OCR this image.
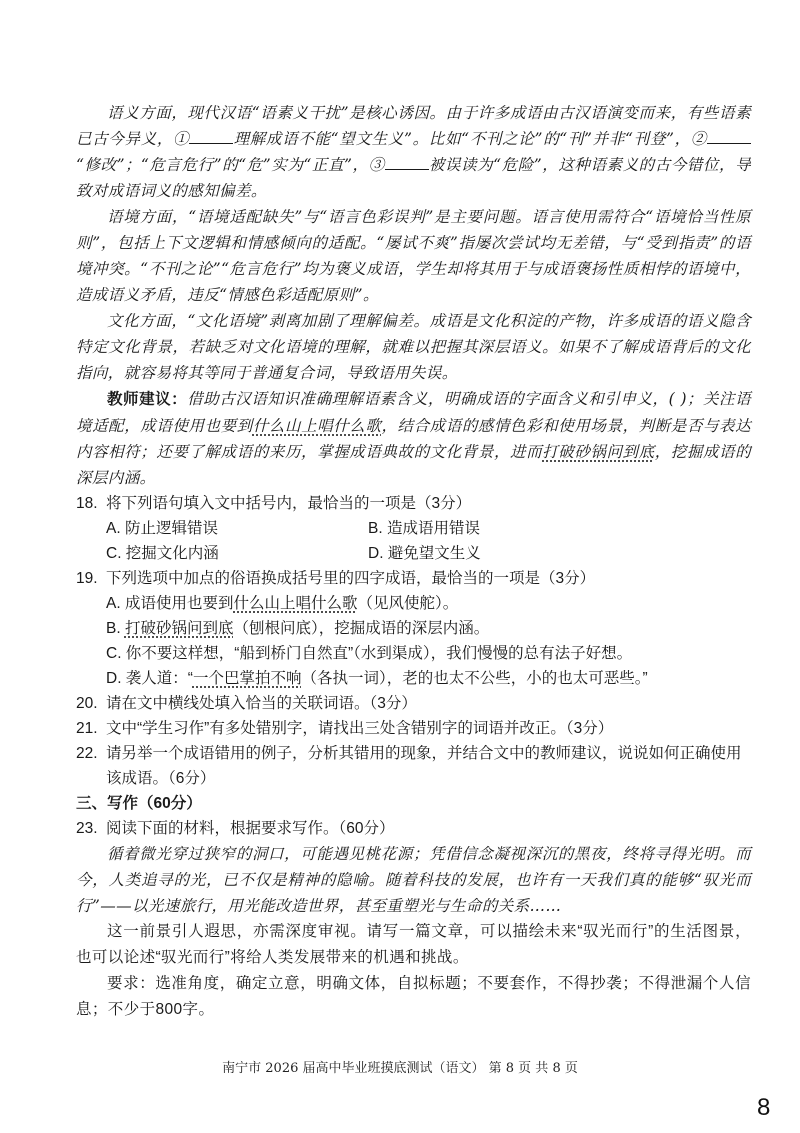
语义方面，现代汉语“语素义干扰”是核心诱因。由于许多成语由古汉语演变而来，有些语素已古今异义，①	理解成语不能“望文生义”。比如“不刊之论”的“刊”并非“刊登”，②“修改”；“危言危行”的“危”实为“正直”，③	被误读为“危险”，这种语素义的古今错位，导致对成语词义的感知偏差。

语境方面，“语境适配缺失”与“语言色彩误判”是主要问题。语言使用需符合“语境恰当性原则”，包括上下文逻辑和情感倾向的适配。“屡试不爽”指屡次尝试均无差错，与“受到指责”的语境冲突。“不刊之论”“危言危行”均为褒义成语，学生却将其用于与成语褒扬性质相悖的语境中，造成语义矛盾，违反“情感色彩适配原则”。

文化方面，“文化语境”剥离加剧了理解偏差。成语是文化积淀的产物，许多成语的语义隐含特定文化背景，若缺乏对文化语境的理解，就难以把握其深层语义。如果不了解成语背后的文化指向，就容易将其等同于普通复合词，导致语用失误。

教师建议：借助古汉语知识准确理解语素含义，明确成语的字面含义和引申义，( )；关注语境适配，成语使用也要到什么山上唱什么歌，结合成语的感情色彩和使用场景，判断是否与表达内容相符；还要了解成语的来历，掌握成语典故的文化背景，进而打破砂锅问到底，挖掘成语的深层内涵。

18. 将下列语句填入文中括号内，最恰当的一项是（3分）
A. 防止逻辑错误	B. 造成语用错误
C. 挖掘文化内涵	D. 避免望文生义
19. 下列选项中加点的俗语换成括号里的四字成语，最恰当的一项是（3分）
A. 成语使用也要到什么山上唱什么歌（见风使舵）。
B. 打破砂锅问到底（刨根问底），挖掘成语的深层内涵。
C. 你不要这样想，“船到桥门自然直”（水到渠成），我们慢慢的总有法子好想。
D. 袭人道：“一个巴掌拍不响（各执一词），老的也太不公些，小的也太可恶些。”
20. 请在文中横线处填入恰当的关联词语。（3分）
21. 文中“学生习作”有多处错别字，请找出三处含错别字的词语并改正。（3分）
22. 请另举一个成语错用的例子，分析其错用的现象，并结合文中的教师建议，说说如何正确使用该成语。（6分）
三、写作（60分）
23. 阅读下面的材料，根据要求写作。（60分）

循着微光穿过狭窄的洞口，可能遇见桃花源；凭借信念凝视深沉的黑夜，终将寻得光明。而今，人类追寻的光，已不仅是精神的隐喻。随着科技的发展，也许有一天我们真的能够“驭光而行”——以光速旅行，用光能改造世界，甚至重塑光与生命的关系……

这一前景引人遐思，亦需深度审视。请写一篇文章，可以描绘未来“驭光而行”的生活图景，也可以论述“驭光而行”将给人类发展带来的机遇和挑战。

要求：选准角度，确定立意，明确文体，自拟标题；不要套作，不得抄袭；不得泄漏个人信息；不少于800字。

南宁市 2026 届高中毕业班摸底测试（语文） 第 8 页 共 8 页
8
